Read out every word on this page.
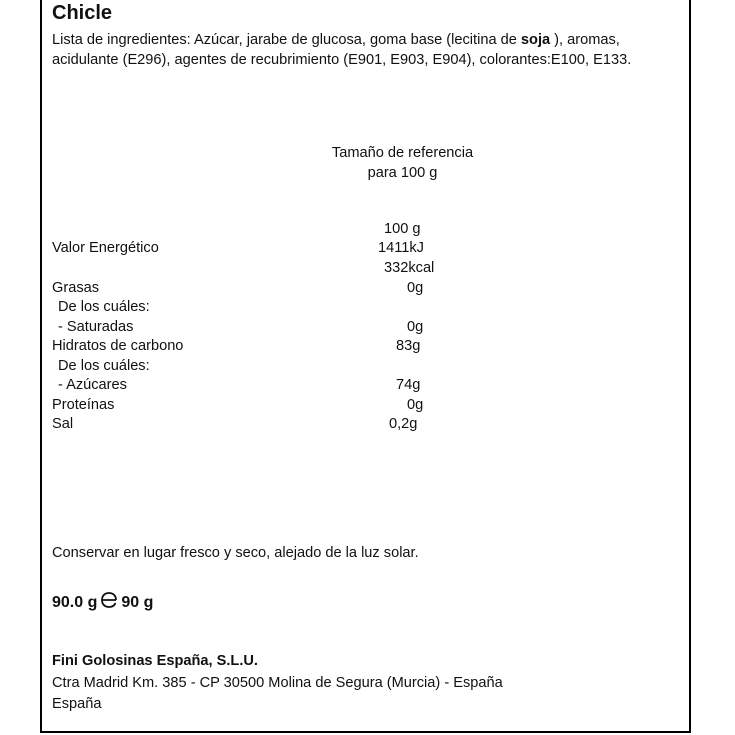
Chicle
Lista de ingredientes: Azúcar, jarabe de glucosa, goma base (lecitina de soja ), aromas, acidulante (E296), agentes de recubrimiento (E901, E903, E904), colorantes:E100, E133.
Tamaño de referencia
para 100 g
100 g
Valor Energético	1411kJ
332kcal
Grasas	0g
De los cuáles:
- Saturadas	0g
Hidratos de carbono	83g
De los cuáles:
- Azúcares	74g
Proteínas	0g
Sal	0,2g
Conservar en lugar fresco y seco, alejado de la luz solar.
90.0 g 90 g
Fini Golosinas España, S.L.U.
Ctra Madrid Km. 385 - CP 30500 Molina de Segura (Murcia) - España
España
